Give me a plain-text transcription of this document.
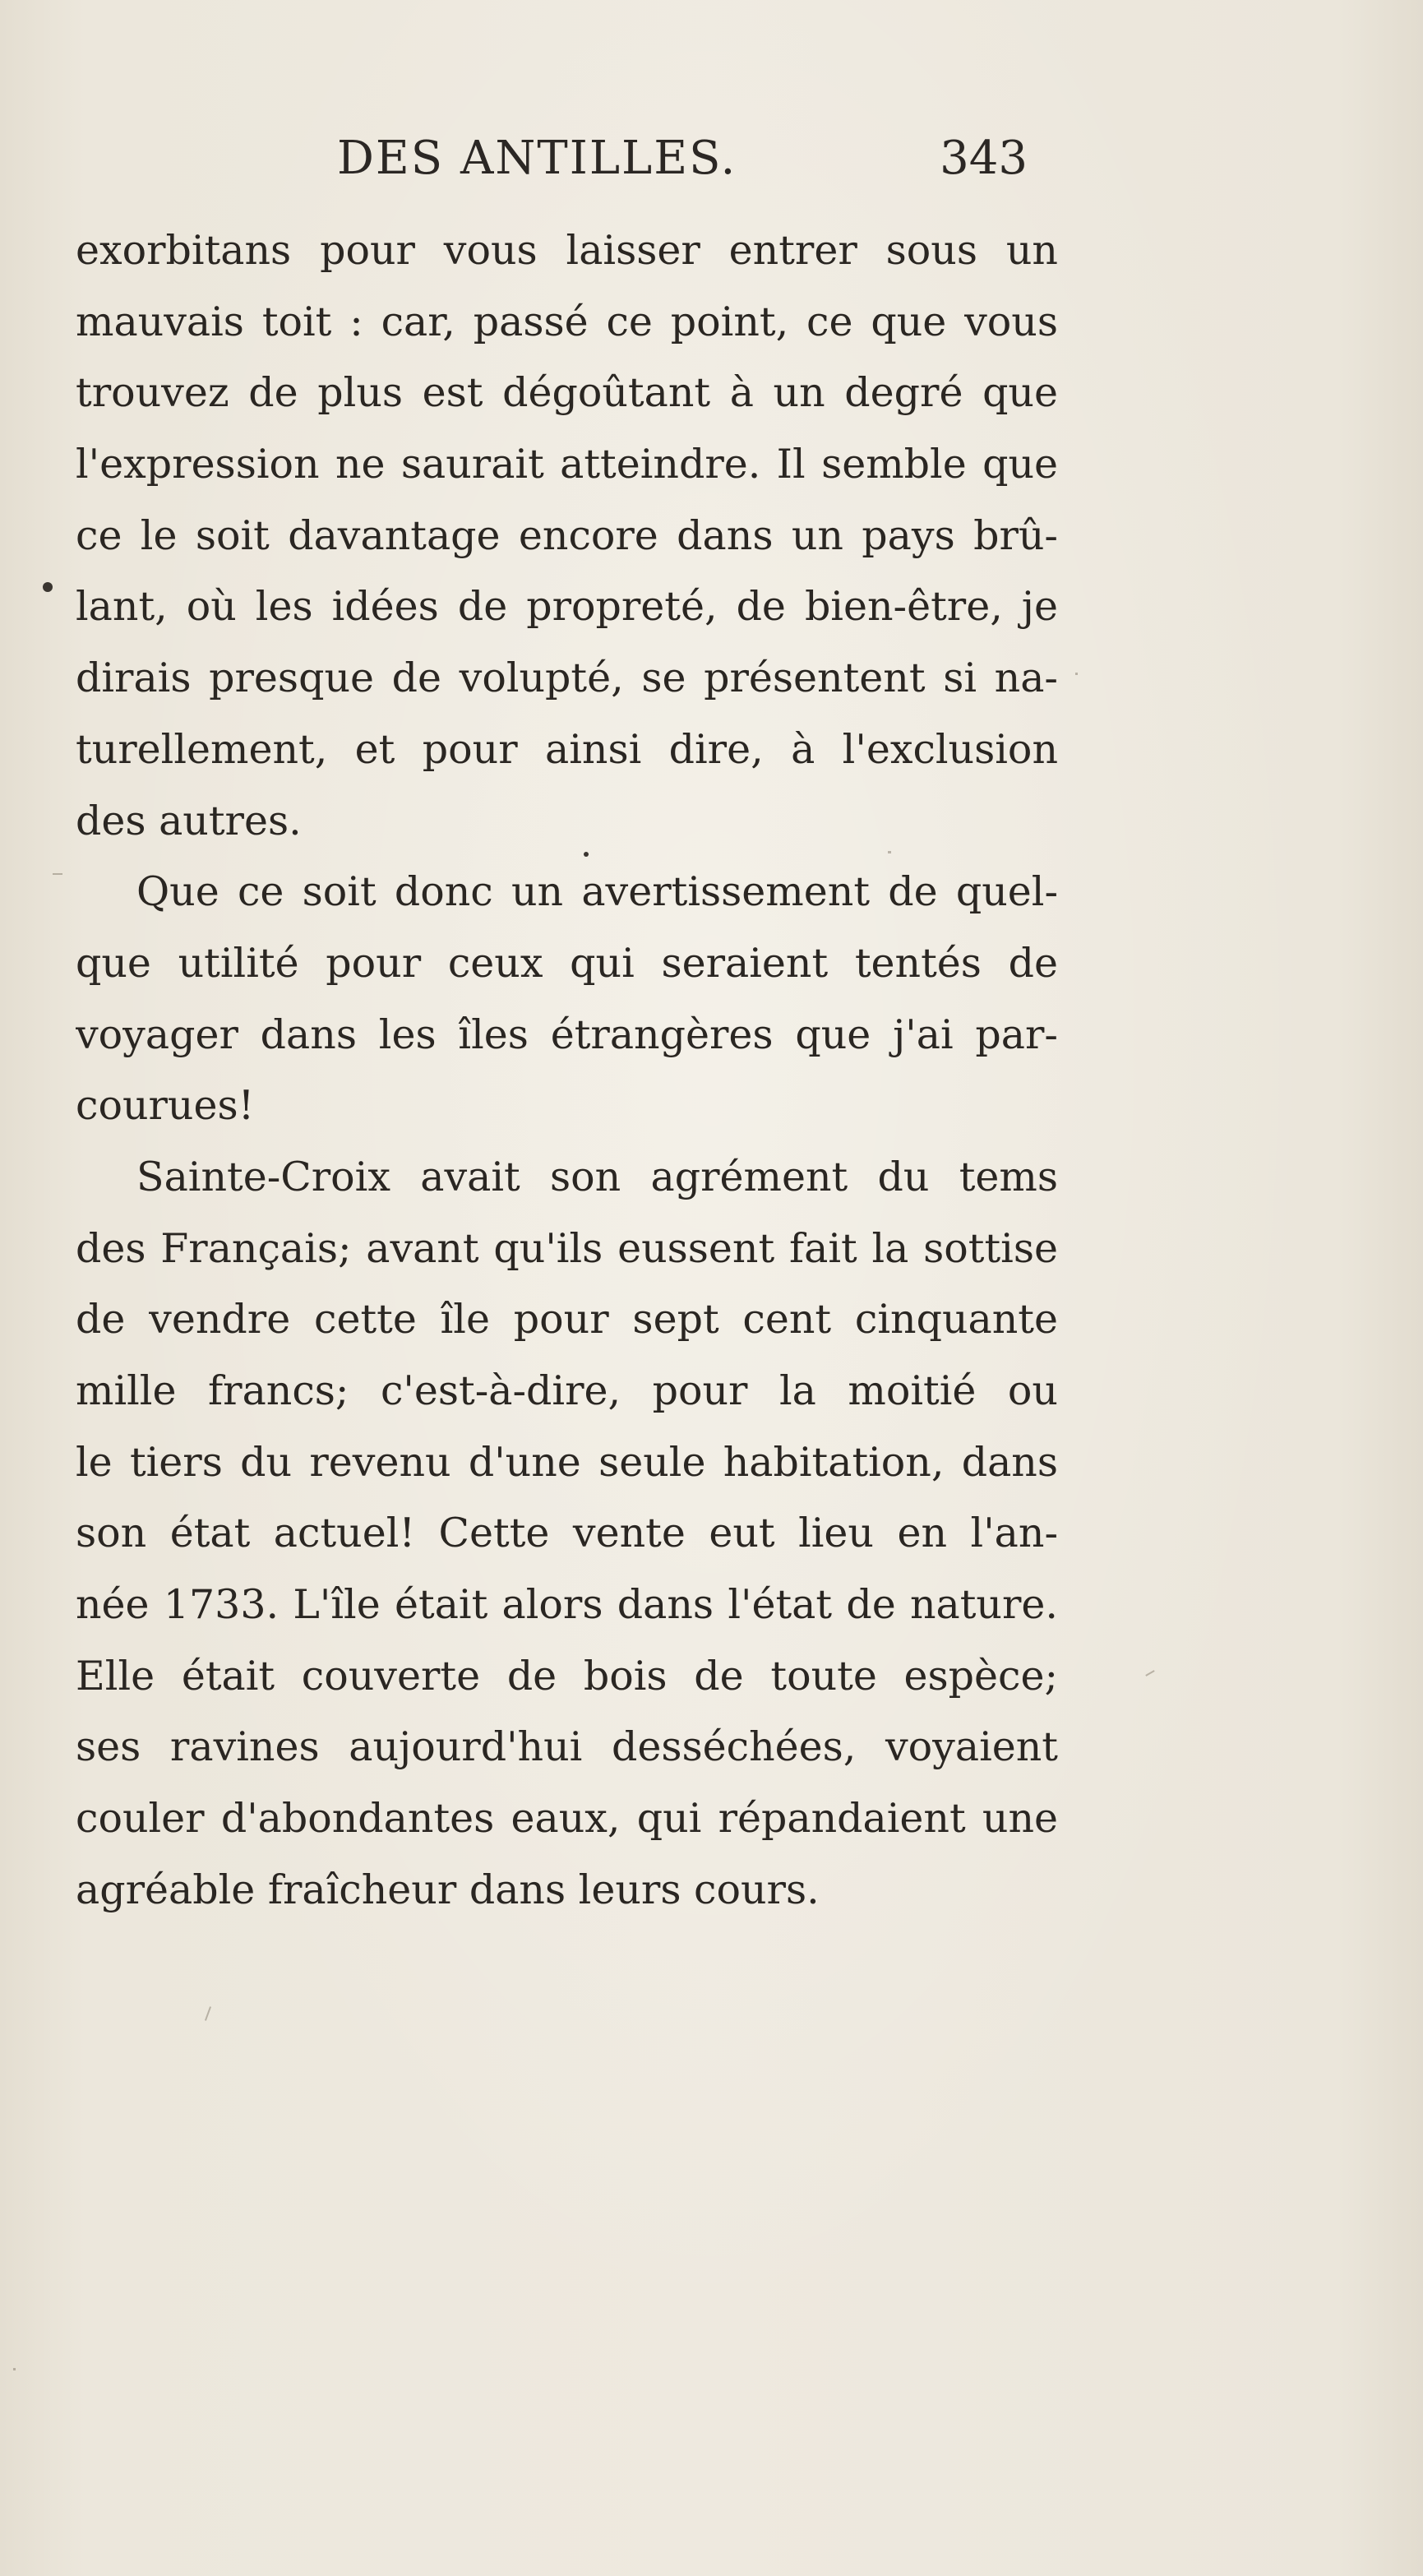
DES ANTILLES.	343
exorbitans pour vous laisser entrer sous un
mauvais toit : car, passé ce point, ce que vous
trouvez de plus est dégoûtant à un degré que
l'expression ne saurait atteindre. Il semble que
ce le soit davantage encore dans un pays brû-
lant, où les idées de propreté, de bien-être, je
dirais presque de volupté, se présentent si na-
turellement, et pour ainsi dire, à l'exclusion
des autres.
Que ce soit donc un avertissement de quel-
que utilité pour ceux qui seraient tentés de
voyager dans les îles étrangères que j'ai par-
courues!
Sainte-Croix avait son agrément du tems
des Français; avant qu'ils eussent fait la sottise
de vendre cette île pour sept cent cinquante
mille francs; c'est-à-dire, pour la moitié ou
le tiers du revenu d'une seule habitation, dans
son état actuel! Cette vente eut lieu en l'an-
née 1733. L'île était alors dans l'état de nature.
Elle était couverte de bois de toute espèce;
ses ravines aujourd'hui desséchées, voyaient
couler d'abondantes eaux, qui répandaient une
agréable fraîcheur dans leurs cours.
